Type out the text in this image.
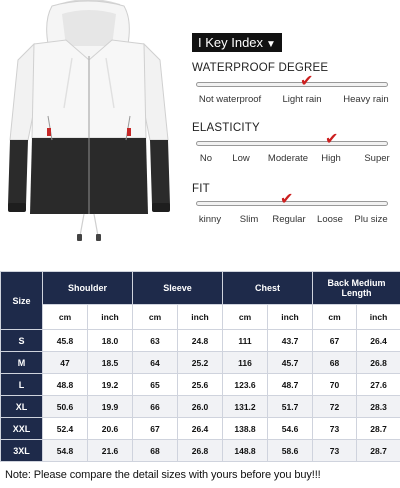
I Key Index ▼
WATERPROOF DEGREE
✔
Not waterproof Light rain Heavy rain
ELASTICITY
✔
No Low Moderate High Super
FIT	✔
kinny Slim Regular Loose Plu size
Size	Shoulder		Sleeve		Chest		Back Medium Length	
	cm	inch	cm	inch	cm	inch	cm	inch
S	45.8	18.0	63	24.8	111	43.7	67	26.4
M	47	18.5	64	25.2	116	45.7	68	26.8
L	48.8	19.2	65	25.6	123.6	48.7	70	27.6
XL	50.6	19.9	66	26.0	131.2	51.7	72	28.3
XXL	52.4	20.6	67	26.4	138.8	54.6	73	28.7
3XL	54.8	21.6	68	26.8	148.8	58.6	73	28.7
Note: Please compare the detail sizes with yours before you buy!!!
